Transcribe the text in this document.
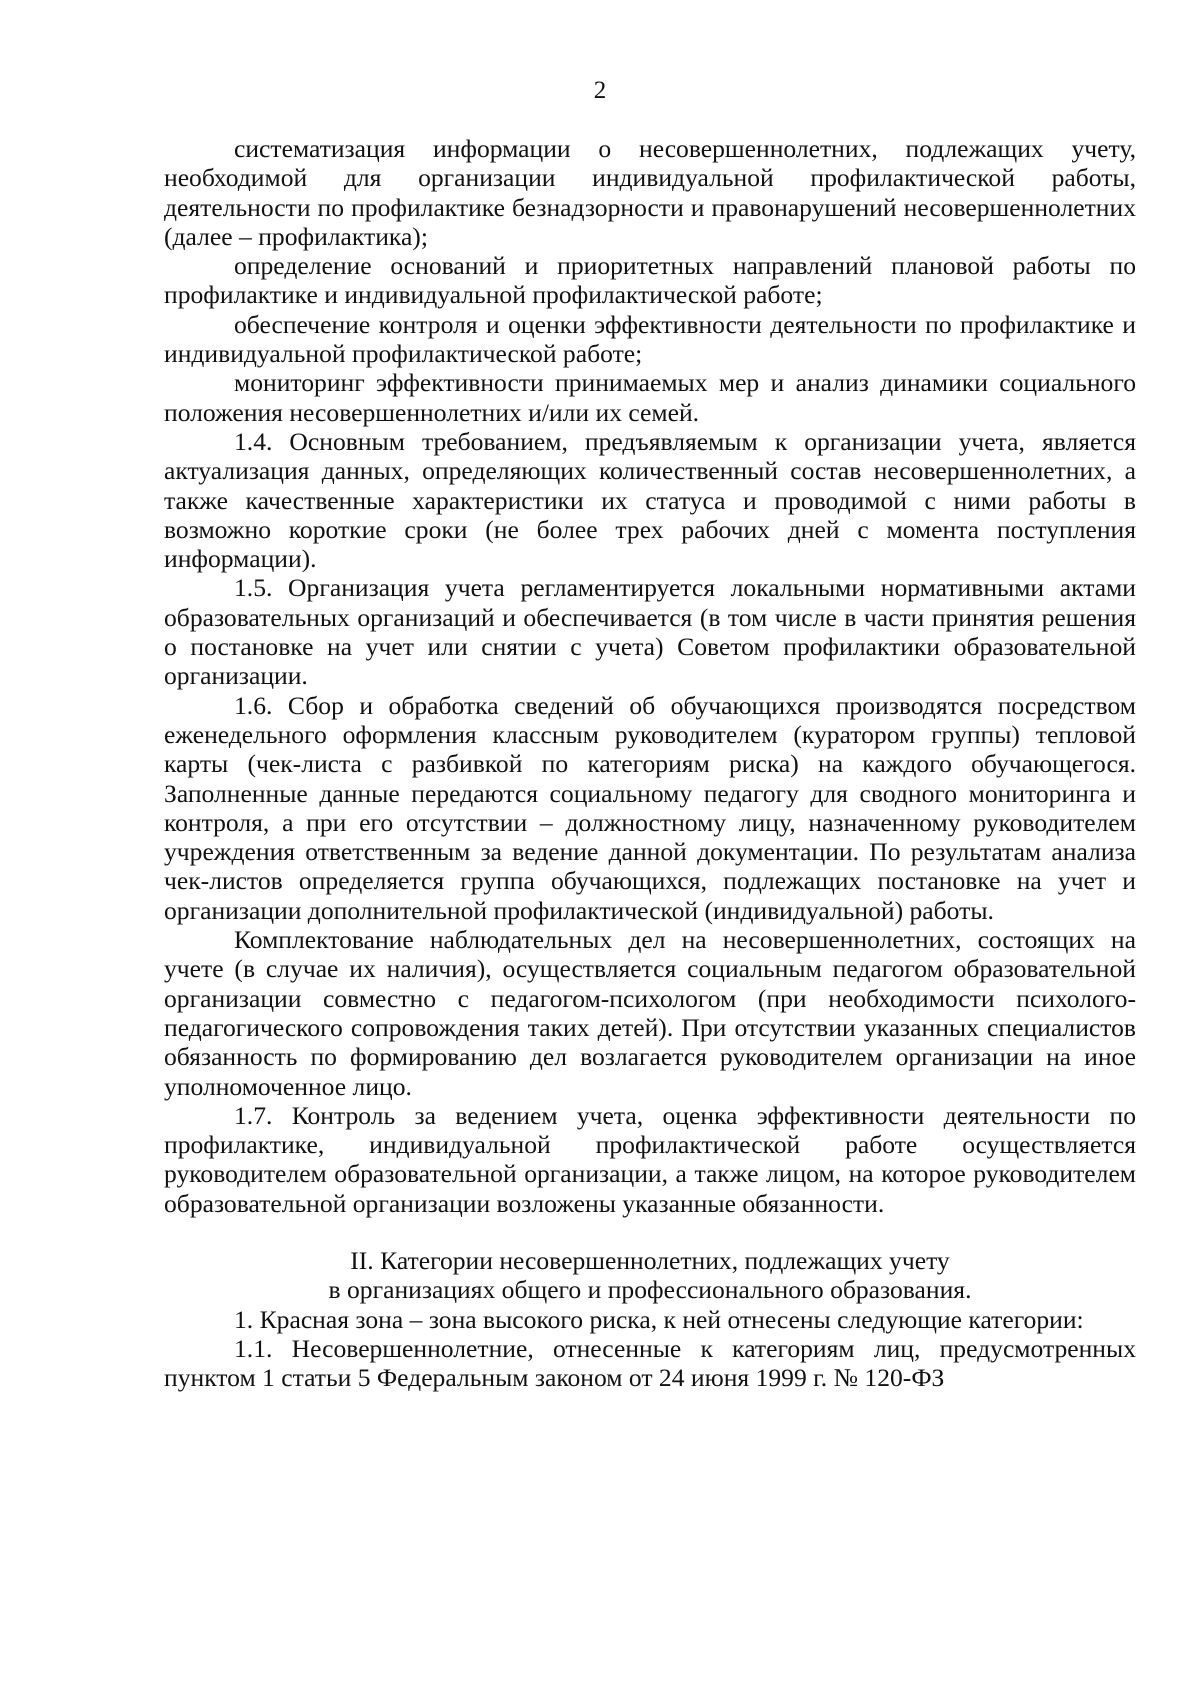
2

систематизация информации о несовершеннолетних, подлежащих учету, необходимой для организации индивидуальной профилактической работы, деятельности по профилактике безнадзорности и правонарушений несовершеннолетних (далее – профилактика);

определение оснований и приоритетных направлений плановой работы по профилактике и индивидуальной профилактической работе;

обеспечение контроля и оценки эффективности деятельности по профилактике и индивидуальной профилактической работе;

мониторинг эффективности принимаемых мер и анализ динамики социального положения несовершеннолетних и/или их семей.

1.4. Основным требованием, предъявляемым к организации учета, является актуализация данных, определяющих количественный состав несовершеннолетних, а также качественные характеристики их статуса и проводимой с ними работы в возможно короткие сроки (не более трех рабочих дней с момента поступления информации).

1.5. Организация учета регламентируется локальными нормативными актами образовательных организаций и обеспечивается (в том числе в части принятия решения о постановке на учет или снятии с учета) Советом профилактики образовательной организации.

1.6. Сбор и обработка сведений об обучающихся производятся посредством еженедельного оформления классным руководителем (куратором группы) тепловой карты (чек-листа с разбивкой по категориям риска) на каждого обучающегося. Заполненные данные передаются социальному педагогу для сводного мониторинга и контроля, а при его отсутствии – должностному лицу, назначенному руководителем учреждения ответственным за ведение данной документации. По результатам анализа чек-листов определяется группа обучающихся, подлежащих постановке на учет и организации дополнительной профилактической (индивидуальной) работы.

Комплектование наблюдательных дел на несовершеннолетних, состоящих на учете (в случае их наличия), осуществляется социальным педагогом образовательной организации совместно с педагогом-психологом (при необходимости психолого-педагогического сопровождения таких детей). При отсутствии указанных специалистов обязанность по формированию дел возлагается руководителем организации на иное уполномоченное лицо.

1.7. Контроль за ведением учета, оценка эффективности деятельности по профилактике, индивидуальной профилактической работе осуществляется руководителем образовательной организации, а также лицом, на которое руководителем образовательной организации возложены указанные обязанности.

II. Категории несовершеннолетних, подлежащих учету
в организациях общего и профессионального образования.

1. Красная зона – зона высокого риска, к ней отнесены следующие категории:

1.1. Несовершеннолетние, отнесенные к категориям лиц, предусмотренных пунктом 1 статьи 5 Федеральным законом от 24 июня 1999 г. № 120-ФЗ
